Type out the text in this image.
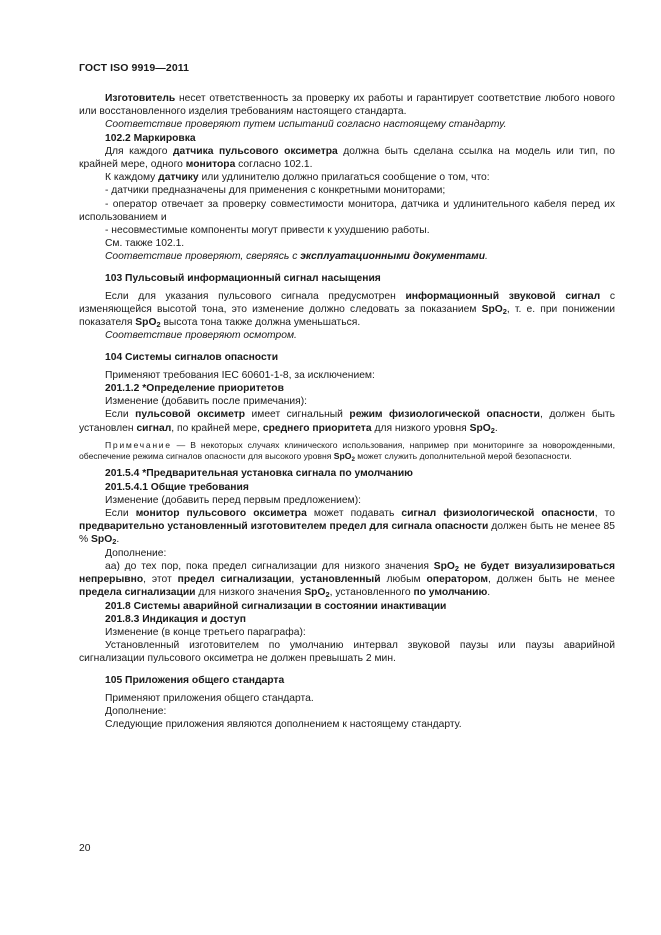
ГОСТ ISO 9919—2011

Изготовитель несет ответственность за проверку их работы и гарантирует соответствие любого нового или восстановленного изделия требованиям настоящего стандарта.

Соответствие проверяют путем испытаний согласно настоящему стандарту.

102.2 Маркировка

Для каждого датчика пульсового оксиметра должна быть сделана ссылка на модель или тип, по крайней мере, одного монитора согласно 102.1.

К каждому датчику или удлинителю должно прилагаться сообщение о том, что:

- датчики предназначены для применения с конкретными мониторами;

- оператор отвечает за проверку совместимости монитора, датчика и удлинительного кабеля перед их использованием и

- несовместимые компоненты могут привести к ухудшению работы.

См. также 102.1.

Соответствие проверяют, сверяясь с эксплуатационными документами.

103 Пульсовый информационный сигнал насыщения

Если для указания пульсового сигнала предусмотрен информационный звуковой сигнал с изменяющейся высотой тона, это изменение должно следовать за показанием SpO$_2$, т. е. при понижении показателя SpO$_2$ высота тона также должна уменьшаться.

Соответствие проверяют осмотром.

104 Системы сигналов опасности

Применяют требования IEC 60601-1-8, за исключением:

201.1.2 *Определение приоритетов

Изменение (добавить после примечания):

Если пульсовой оксиметр имеет сигнальный режим физиологической опасности, должен быть установлен сигнал, по крайней мере, среднего приоритета для низкого уровня SpO$_2$.

Примечание — В некоторых случаях клинического использования, например при мониторинге за новорожденными, обеспечение режима сигналов опасности для высокого уровня SpO$_2$ может служить дополнительной мерой безопасности.

201.5.4 *Предварительная установка сигнала по умолчанию

201.5.4.1 Общие требования

Изменение (добавить перед первым предложением):

Если монитор пульсового оксиметра может подавать сигнал физиологической опасности, то предварительно установленный изготовителем предел для сигнала опасности должен быть не менее 85 % SpO$_2$.

Дополнение:

аа) до тех пор, пока предел сигнализации для низкого значения SpO$_2$ не будет визуализироваться непрерывно, этот предел сигнализации, установленный любым оператором, должен быть не менее предела сигнализации для низкого значения SpO$_2$, установленного по умолчанию.

201.8 Системы аварийной сигнализации в состоянии инактивации

201.8.3 Индикация и доступ

Изменение (в конце третьего параграфа):

Установленный изготовителем по умолчанию интервал звуковой паузы или паузы аварийной сигнализации пульсового оксиметра не должен превышать 2 мин.

105 Приложения общего стандарта

Применяют приложения общего стандарта.

Дополнение:

Следующие приложения являются дополнением к настоящему стандарту.

20
